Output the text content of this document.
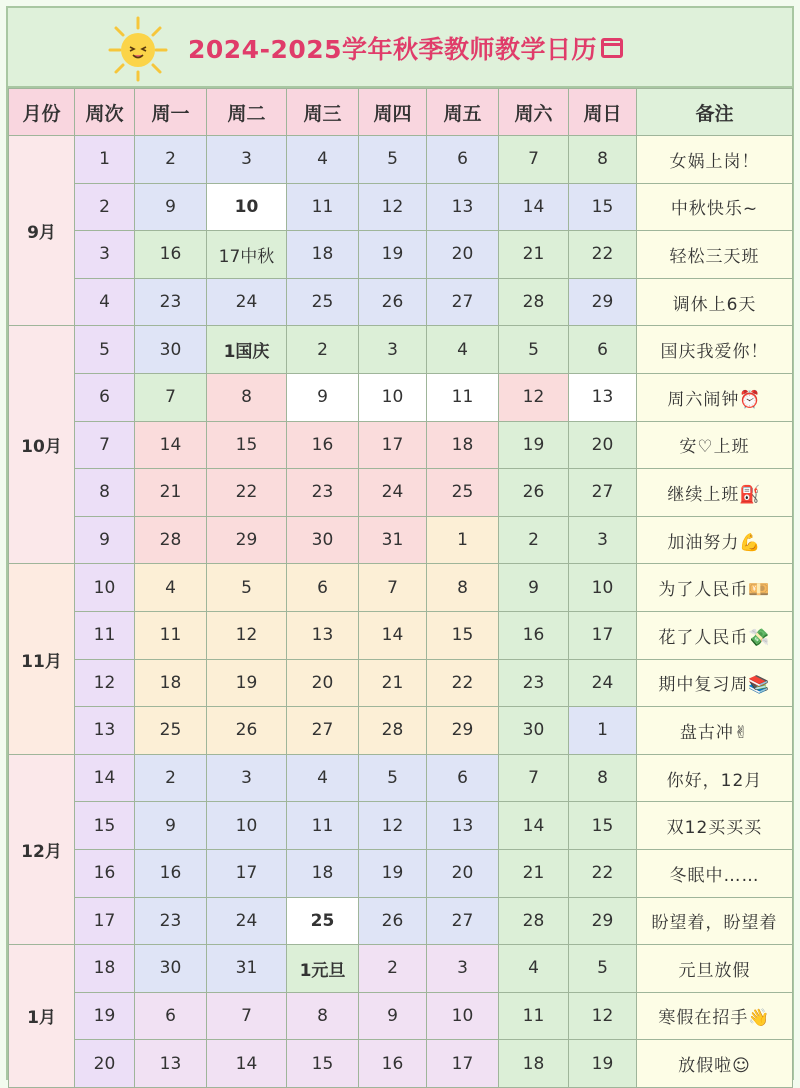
2024-2025学年秋季教师教学日历
月份	周次	周一	周二	周三	周四	周五	周六	周日	备注
9月	1	2	3	4	5	6	7	8	女娲上岗！
	2	9	10	11	12	13	14	15	中秋快乐~
	3	16	17中秋	18	19	20	21	22	轻松三天班
	4	23	24	25	26	27	28	29	调休上6天
10月	5	30	1国庆	2	3	4	5	6	国庆我爱你！
	6	7	8	9	10	11	12	13	周六闹钟⏰
	7	14	15	16	17	18	19	20	安♡上班
	8	21	22	23	24	25	26	27	继续上班⛽
	9	28	29	30	31	1	2	3	加油努力💪
11月	10	4	5	6	7	8	9	10	为了人民币💴
	11	11	12	13	14	15	16	17	花了人民币💸
	12	18	19	20	21	22	23	24	期中复习周📚
	13	25	26	27	28	29	30	1	盘古冲✌
12月	14	2	3	4	5	6	7	8	你好，12月
	15	9	10	11	12	13	14	15	双12买买买
	16	16	17	18	19	20	21	22	冬眠中……
	17	23	24	25	26	27	28	29	盼望着，盼望着
1月	18	30	31	1元旦	2	3	4	5	元旦放假
	19	6	7	8	9	10	11	12	寒假在招手👋
	20	13	14	15	16	17	18	19	放假啦☺
